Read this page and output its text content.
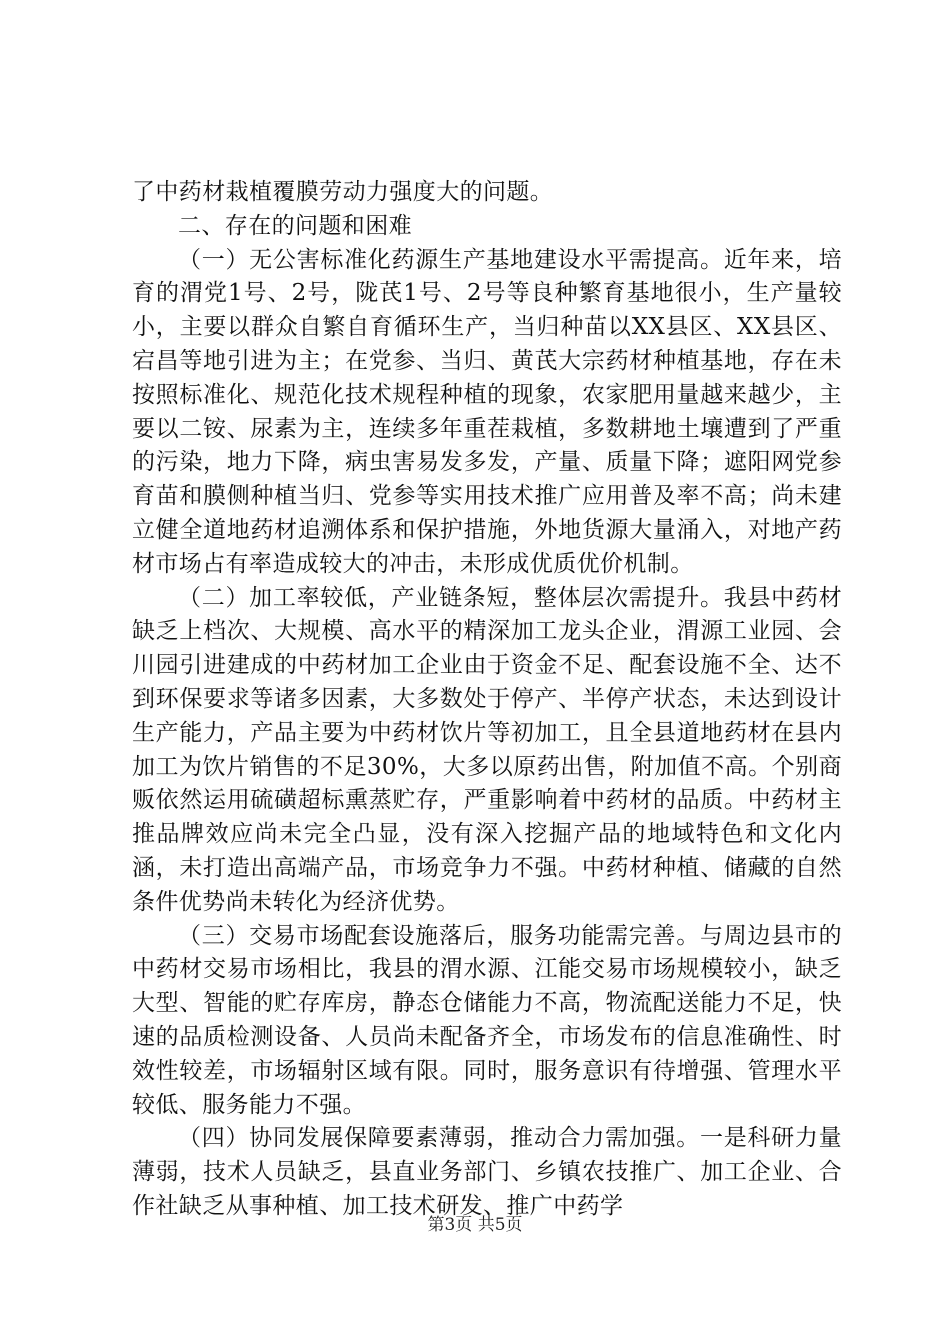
了中药材栽植覆膜劳动力强度大的问题。

二、存在的问题和困难

（一）无公害标准化药源生产基地建设水平需提高。近年来，培育的渭党1号、2号，陇芪1号、2号等良种繁育基地很小，生产量较小，主要以群众自繁自育循环生产，当归种苗以XX县区、XX县区、宕昌等地引进为主；在党参、当归、黄芪大宗药材种植基地，存在未按照标准化、规范化技术规程种植的现象，农家肥用量越来越少，主要以二铵、尿素为主，连续多年重茬栽植，多数耕地土壤遭到了严重的污染，地力下降，病虫害易发多发，产量、质量下降；遮阳网党参育苗和膜侧种植当归、党参等实用技术推广应用普及率不高；尚未建立健全道地药材追溯体系和保护措施，外地货源大量涌入，对地产药材市场占有率造成较大的冲击，未形成优质优价机制。

（二）加工率较低，产业链条短，整体层次需提升。我县中药材缺乏上档次、大规模、高水平的精深加工龙头企业，渭源工业园、会川园引进建成的中药材加工企业由于资金不足、配套设施不全、达不到环保要求等诸多因素，大多数处于停产、半停产状态，未达到设计生产能力，产品主要为中药材饮片等初加工，且全县道地药材在县内加工为饮片销售的不足30%，大多以原药出售，附加值不高。个别商贩依然运用硫磺超标熏蒸贮存，严重影响着中药材的品质。中药材主推品牌效应尚未完全凸显，没有深入挖掘产品的地域特色和文化内涵，未打造出高端产品，市场竞争力不强。中药材种植、储藏的自然条件优势尚未转化为经济优势。

（三）交易市场配套设施落后，服务功能需完善。与周边县市的中药材交易市场相比，我县的渭水源、江能交易市场规模较小，缺乏大型、智能的贮存库房，静态仓储能力不高，物流配送能力不足，快速的品质检测设备、人员尚未配备齐全，市场发布的信息准确性、时效性较差，市场辐射区域有限。同时，服务意识有待增强、管理水平较低、服务能力不强。

（四）协同发展保障要素薄弱，推动合力需加强。一是科研力量薄弱，技术人员缺乏，县直业务部门、乡镇农技推广、加工企业、合作社缺乏从事种植、加工技术研发、推广中药学

第3页 共5页
